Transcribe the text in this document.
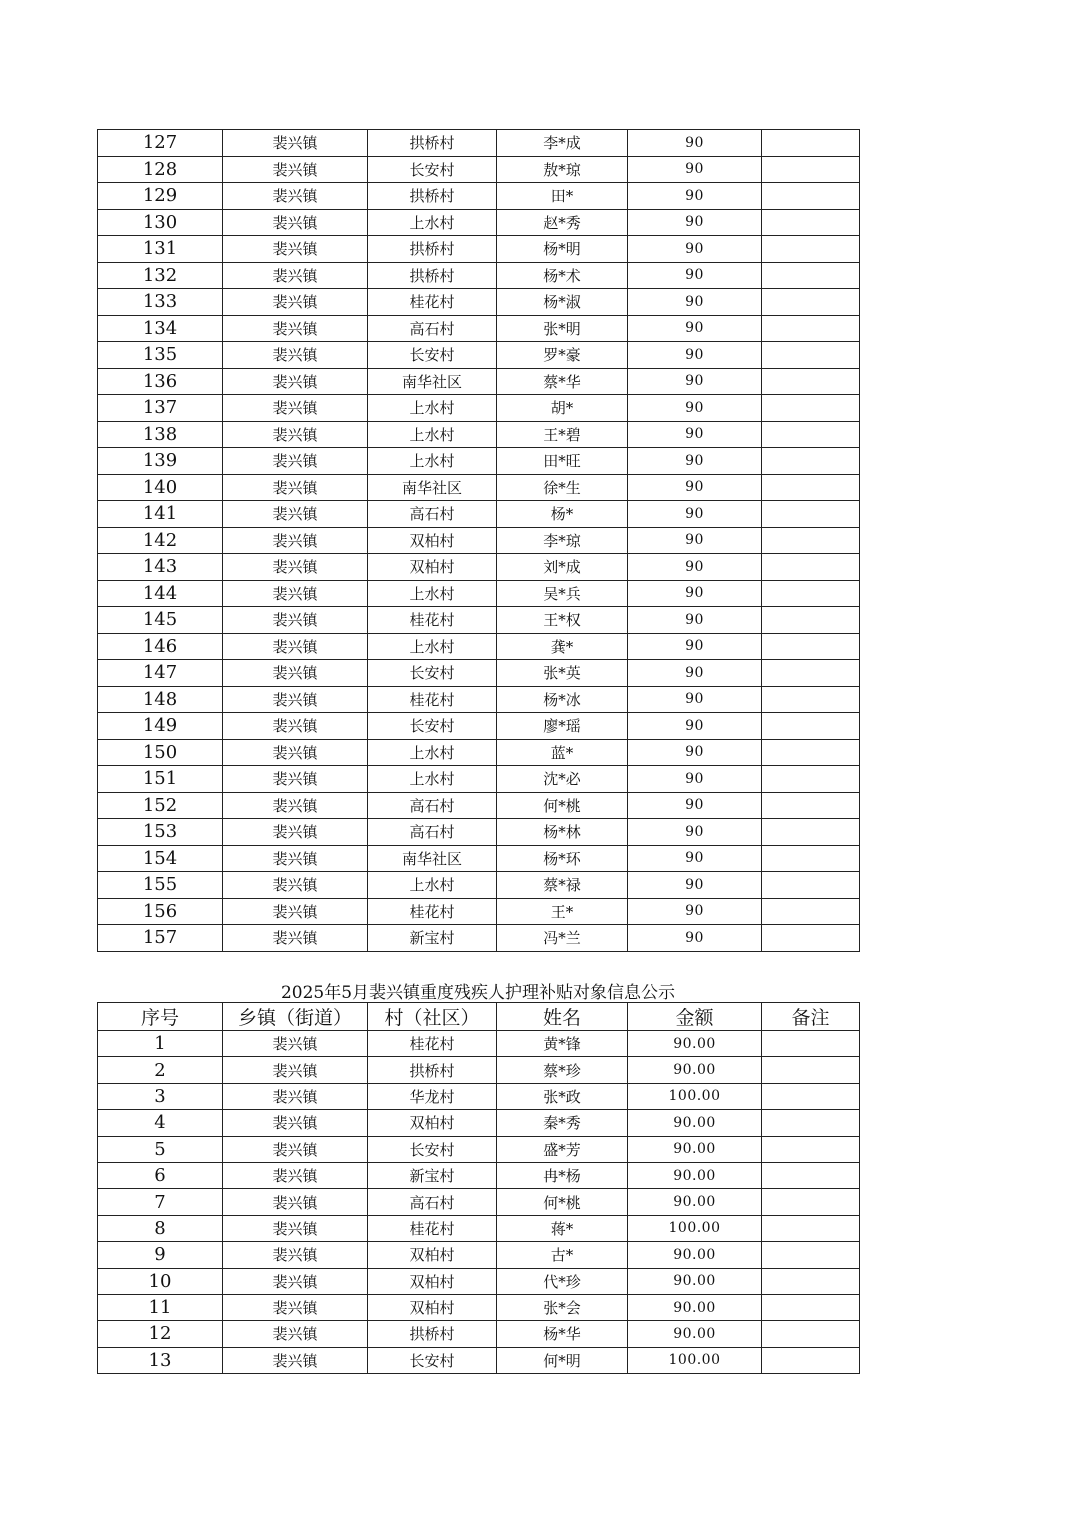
127	裴兴镇	拱桥村	李*成	90	
128	裴兴镇	长安村	敖*琼	90	
129	裴兴镇	拱桥村	田*	90	
130	裴兴镇	上水村	赵*秀	90	
131	裴兴镇	拱桥村	杨*明	90	
132	裴兴镇	拱桥村	杨*术	90	
133	裴兴镇	桂花村	杨*淑	90	
134	裴兴镇	高石村	张*明	90	
135	裴兴镇	长安村	罗*豪	90	
136	裴兴镇	南华社区	蔡*华	90	
137	裴兴镇	上水村	胡*	90	
138	裴兴镇	上水村	王*碧	90	
139	裴兴镇	上水村	田*旺	90	
140	裴兴镇	南华社区	徐*生	90	
141	裴兴镇	高石村	杨*	90	
142	裴兴镇	双柏村	李*琼	90	
143	裴兴镇	双柏村	刘*成	90	
144	裴兴镇	上水村	吴*兵	90	
145	裴兴镇	桂花村	王*权	90	
146	裴兴镇	上水村	龚*	90	
147	裴兴镇	长安村	张*英	90	
148	裴兴镇	桂花村	杨*冰	90	
149	裴兴镇	长安村	廖*瑶	90	
150	裴兴镇	上水村	蓝*	90	
151	裴兴镇	上水村	沈*必	90	
152	裴兴镇	高石村	何*桃	90	
153	裴兴镇	高石村	杨*林	90	
154	裴兴镇	南华社区	杨*环	90	
155	裴兴镇	上水村	蔡*禄	90	
156	裴兴镇	桂花村	王*	90	
157	裴兴镇	新宝村	冯*兰	90	
2025年5月裴兴镇重度残疾人护理补贴对象信息公示
序号	乡镇（街道）	村（社区）	姓名	金额	备注
1	裴兴镇	桂花村	黄*锋	90.00	
2	裴兴镇	拱桥村	蔡*珍	90.00	
3	裴兴镇	华龙村	张*政	100.00	
4	裴兴镇	双柏村	秦*秀	90.00	
5	裴兴镇	长安村	盛*芳	90.00	
6	裴兴镇	新宝村	冉*杨	90.00	
7	裴兴镇	高石村	何*桃	90.00	
8	裴兴镇	桂花村	蒋*	100.00	
9	裴兴镇	双柏村	古*	90.00	
10	裴兴镇	双柏村	代*珍	90.00	
11	裴兴镇	双柏村	张*会	90.00	
12	裴兴镇	拱桥村	杨*华	90.00	
13	裴兴镇	长安村	何*明	100.00	
